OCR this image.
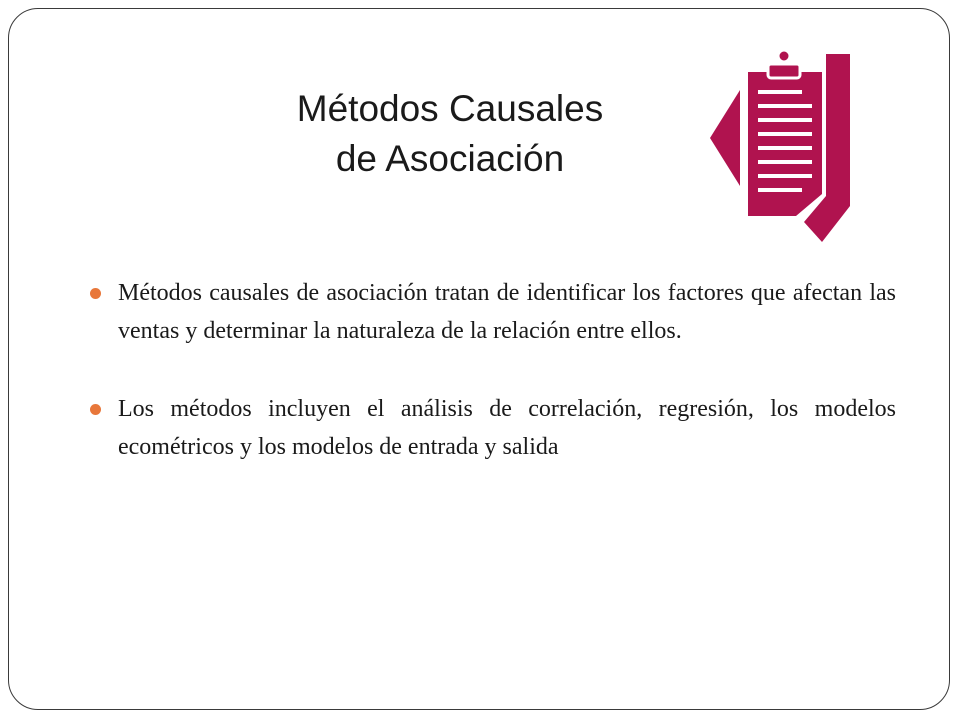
Métodos Causales
de Asociación
Métodos causales de asociación tratan de identificar los factores que afectan las ventas y determinar la naturaleza de la relación entre ellos.
Los métodos incluyen el análisis de correlación, regresión, los modelos ecométricos y los modelos de entrada y salida
